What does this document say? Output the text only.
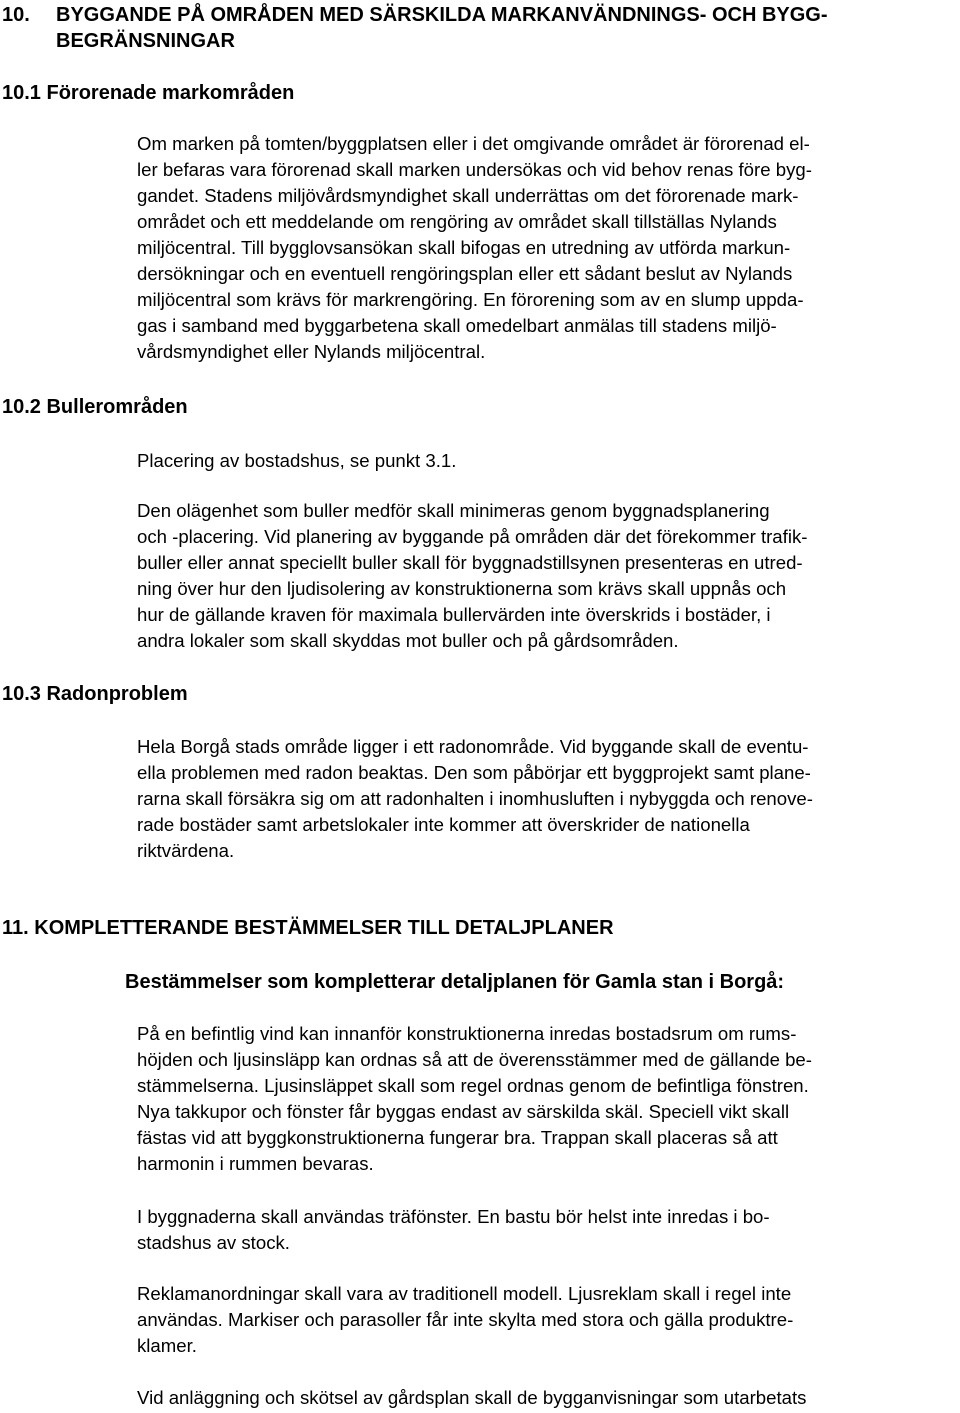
10. BYGGANDE PÅ OMRÅDEN MED SÄRSKILDA MARKANVÄNDNINGS- OCH BYGG-
BEGRÄNSNINGAR
10.1 Förorenade markområden
Om marken på tomten/byggplatsen eller i det omgivande området är förorenad el-
ler befaras vara förorenad skall marken undersökas och vid behov renas före byg-
gandet. Stadens miljövårdsmyndighet skall underrättas om det förorenade mark-
området och ett meddelande om rengöring av området skall tillställas Nylands
miljöcentral. Till bygglovsansökan skall bifogas en utredning av utförda markun-
dersökningar och en eventuell rengöringsplan eller ett sådant beslut av Nylands
miljöcentral som krävs för markrengöring. En förorening som av en slump uppda-
gas i samband med byggarbetena skall omedelbart anmälas till stadens miljö-
vårdsmyndighet eller Nylands miljöcentral.
10.2 Bullerområden
Placering av bostadshus, se punkt 3.1.
Den olägenhet som buller medför skall minimeras genom byggnadsplanering
och -placering. Vid planering av byggande på områden där det förekommer trafik-
buller eller annat speciellt buller skall för byggnadstillsynen presenteras en utred-
ning över hur den ljudisolering av konstruktionerna som krävs skall uppnås och
hur de gällande kraven för maximala bullervärden inte överskrids i bostäder, i
andra lokaler som skall skyddas mot buller och på gårdsområden.
10.3 Radonproblem
Hela Borgå stads område ligger i ett radonområde. Vid byggande skall de eventu-
ella problemen med radon beaktas. Den som påbörjar ett byggprojekt samt plane-
rarna skall försäkra sig om att radonhalten i inomhusluften i nybyggda och renove-
rade bostäder samt arbetslokaler inte kommer att överskrider de nationella
riktvärdena.
11. KOMPLETTERANDE BESTÄMMELSER TILL DETALJPLANER
Bestämmelser som kompletterar detaljplanen för Gamla stan i Borgå:
På en befintlig vind kan innanför konstruktionerna inredas bostadsrum om rums-
höjden och ljusinsläpp kan ordnas så att de överensstämmer med de gällande be-
stämmelserna. Ljusinsläppet skall som regel ordnas genom de befintliga fönstren.
Nya takkupor och fönster får byggas endast av särskilda skäl. Speciell vikt skall
fästas vid att byggkonstruktionerna fungerar bra. Trappan skall placeras så att
harmonin i rummen bevaras.
I byggnaderna skall användas träfönster. En bastu bör helst inte inredas i bo-
stadshus av stock.
Reklamanordningar skall vara av traditionell modell. Ljusreklam skall i regel inte
användas. Markiser och parasoller får inte skylta med stora och gälla produktre-
klamer.
Vid anläggning och skötsel av gårdsplan skall de bygganvisningar som utarbetats
